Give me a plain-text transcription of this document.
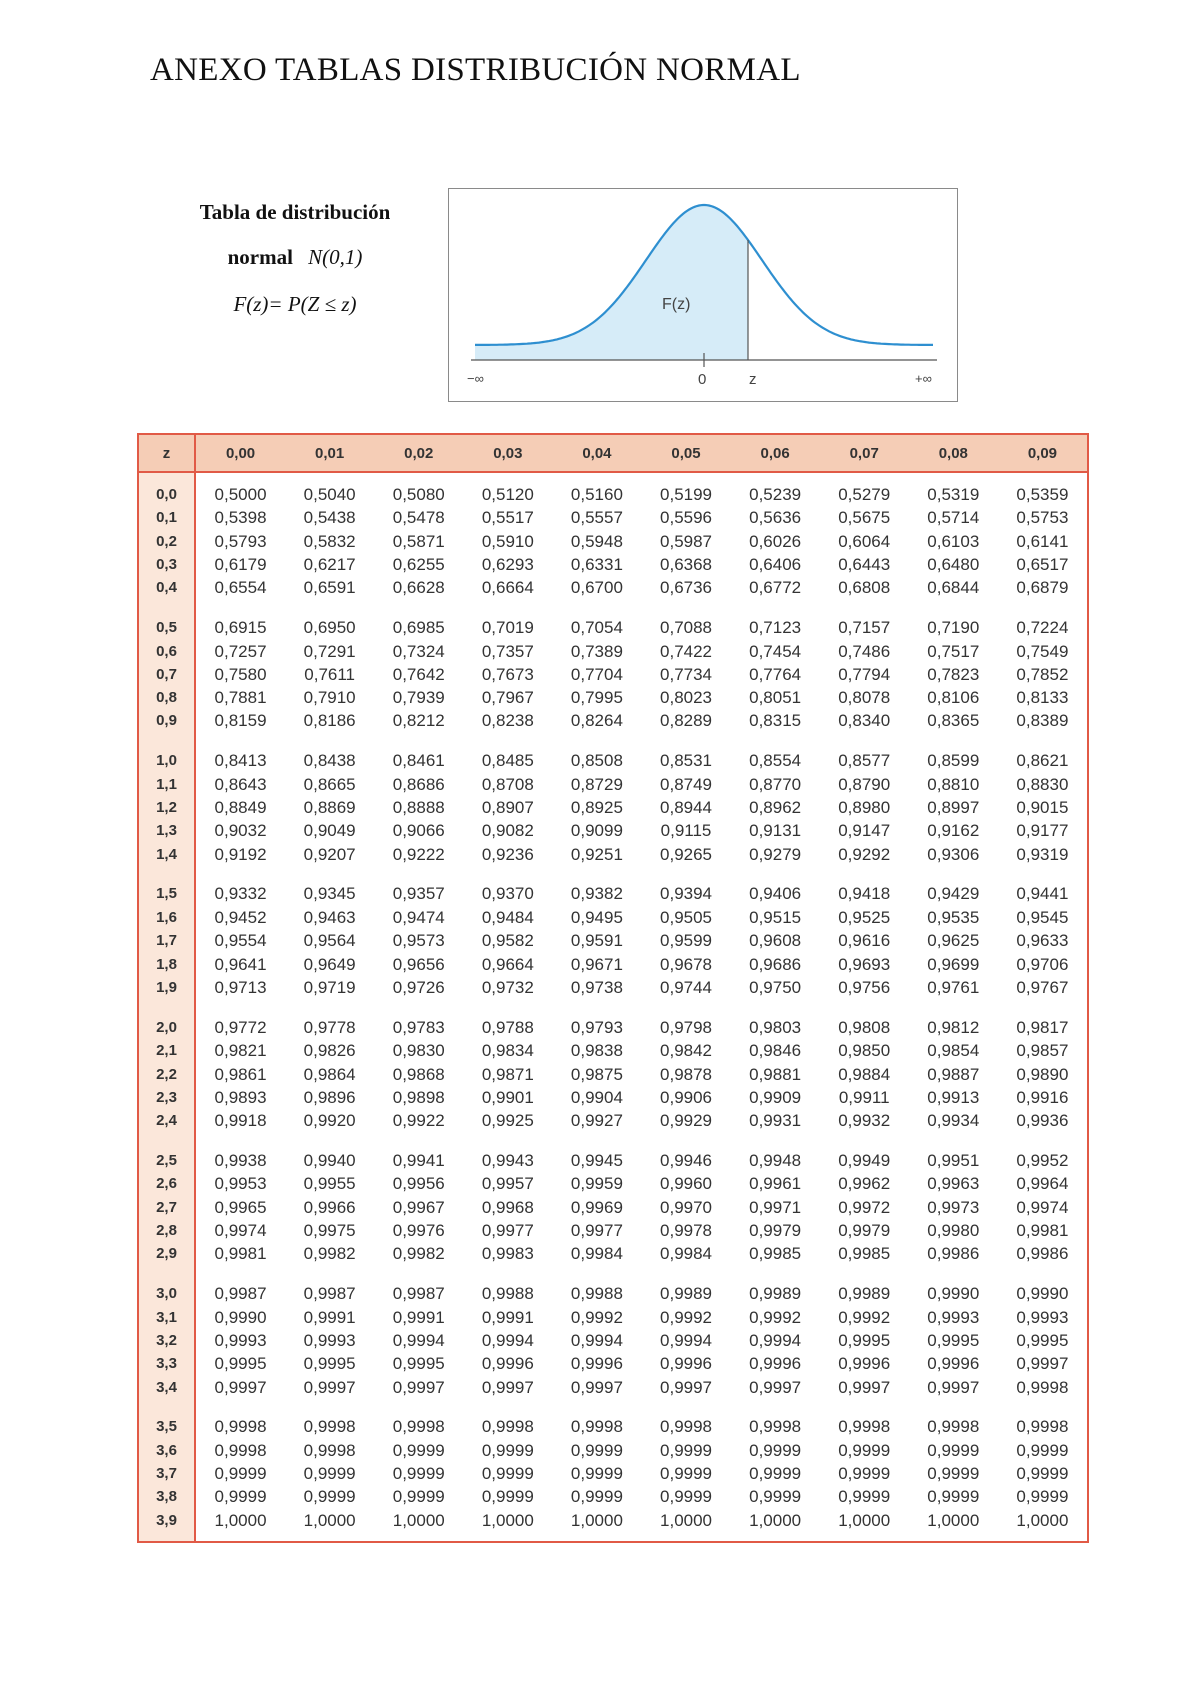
ANEXO TABLAS DISTRIBUCIÓN NORMAL
Tabla de distribución
normal N(0,1)
F(z)= P(Z ≤ z)	F(z)
−∞	0	z	+∞
z	0,00	0,01	0,02	0,03	0,04	0,05	0,06	0,07	0,08	0,09
0,0	0,5000	0,5040	0,5080	0,5120	0,5160	0,5199	0,5239	0,5279	0,5319	0,5359
0,1	0,5398	0,5438	0,5478	0,5517	0,5557	0,5596	0,5636	0,5675	0,5714	0,5753
0,2	0,5793	0,5832	0,5871	0,5910	0,5948	0,5987	0,6026	0,6064	0,6103	0,6141
0,3	0,6179	0,6217	0,6255	0,6293	0,6331	0,6368	0,6406	0,6443	0,6480	0,6517
0,4	0,6554	0,6591	0,6628	0,6664	0,6700	0,6736	0,6772	0,6808	0,6844	0,6879
0,5	0,6915	0,6950	0,6985	0,7019	0,7054	0,7088	0,7123	0,7157	0,7190	0,7224
0,6	0,7257	0,7291	0,7324	0,7357	0,7389	0,7422	0,7454	0,7486	0,7517	0,7549
0,7	0,7580	0,7611	0,7642	0,7673	0,7704	0,7734	0,7764	0,7794	0,7823	0,7852
0,8	0,7881	0,7910	0,7939	0,7967	0,7995	0,8023	0,8051	0,8078	0,8106	0,8133
0,9	0,8159	0,8186	0,8212	0,8238	0,8264	0,8289	0,8315	0,8340	0,8365	0,8389
1,0	0,8413	0,8438	0,8461	0,8485	0,8508	0,8531	0,8554	0,8577	0,8599	0,8621
1,1	0,8643	0,8665	0,8686	0,8708	0,8729	0,8749	0,8770	0,8790	0,8810	0,8830
1,2	0,8849	0,8869	0,8888	0,8907	0,8925	0,8944	0,8962	0,8980	0,8997	0,9015
1,3	0,9032	0,9049	0,9066	0,9082	0,9099	0,9115	0,9131	0,9147	0,9162	0,9177
1,4	0,9192	0,9207	0,9222	0,9236	0,9251	0,9265	0,9279	0,9292	0,9306	0,9319
1,5	0,9332	0,9345	0,9357	0,9370	0,9382	0,9394	0,9406	0,9418	0,9429	0,9441
1,6	0,9452	0,9463	0,9474	0,9484	0,9495	0,9505	0,9515	0,9525	0,9535	0,9545
1,7	0,9554	0,9564	0,9573	0,9582	0,9591	0,9599	0,9608	0,9616	0,9625	0,9633
1,8	0,9641	0,9649	0,9656	0,9664	0,9671	0,9678	0,9686	0,9693	0,9699	0,9706
1,9	0,9713	0,9719	0,9726	0,9732	0,9738	0,9744	0,9750	0,9756	0,9761	0,9767
2,0	0,9772	0,9778	0,9783	0,9788	0,9793	0,9798	0,9803	0,9808	0,9812	0,9817
2,1	0,9821	0,9826	0,9830	0,9834	0,9838	0,9842	0,9846	0,9850	0,9854	0,9857
2,2	0,9861	0,9864	0,9868	0,9871	0,9875	0,9878	0,9881	0,9884	0,9887	0,9890
2,3	0,9893	0,9896	0,9898	0,9901	0,9904	0,9906	0,9909	0,9911	0,9913	0,9916
2,4	0,9918	0,9920	0,9922	0,9925	0,9927	0,9929	0,9931	0,9932	0,9934	0,9936
2,5	0,9938	0,9940	0,9941	0,9943	0,9945	0,9946	0,9948	0,9949	0,9951	0,9952
2,6	0,9953	0,9955	0,9956	0,9957	0,9959	0,9960	0,9961	0,9962	0,9963	0,9964
2,7	0,9965	0,9966	0,9967	0,9968	0,9969	0,9970	0,9971	0,9972	0,9973	0,9974
2,8	0,9974	0,9975	0,9976	0,9977	0,9977	0,9978	0,9979	0,9979	0,9980	0,9981
2,9	0,9981	0,9982	0,9982	0,9983	0,9984	0,9984	0,9985	0,9985	0,9986	0,9986
3,0	0,9987	0,9987	0,9987	0,9988	0,9988	0,9989	0,9989	0,9989	0,9990	0,9990
3,1	0,9990	0,9991	0,9991	0,9991	0,9992	0,9992	0,9992	0,9992	0,9993	0,9993
3,2	0,9993	0,9993	0,9994	0,9994	0,9994	0,9994	0,9994	0,9995	0,9995	0,9995
3,3	0,9995	0,9995	0,9995	0,9996	0,9996	0,9996	0,9996	0,9996	0,9996	0,9997
3,4	0,9997	0,9997	0,9997	0,9997	0,9997	0,9997	0,9997	0,9997	0,9997	0,9998
3,5	0,9998	0,9998	0,9998	0,9998	0,9998	0,9998	0,9998	0,9998	0,9998	0,9998
3,6	0,9998	0,9998	0,9999	0,9999	0,9999	0,9999	0,9999	0,9999	0,9999	0,9999
3,7	0,9999	0,9999	0,9999	0,9999	0,9999	0,9999	0,9999	0,9999	0,9999	0,9999
3,8	0,9999	0,9999	0,9999	0,9999	0,9999	0,9999	0,9999	0,9999	0,9999	0,9999
3,9	1,0000	1,0000	1,0000	1,0000	1,0000	1,0000	1,0000	1,0000	1,0000	1,0000
